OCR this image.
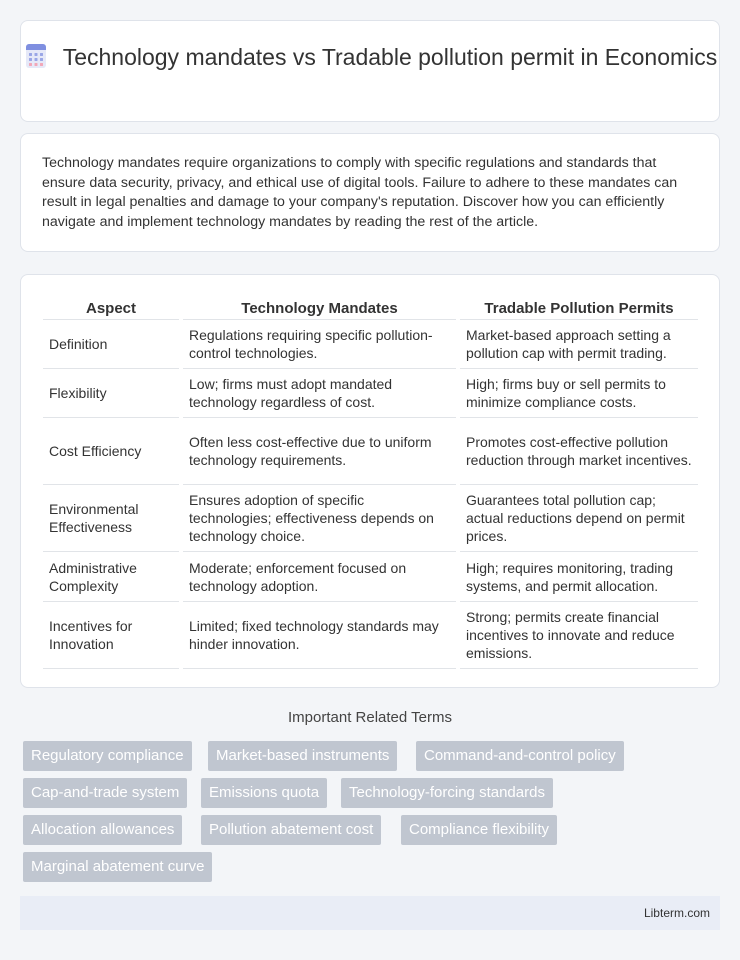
Technology mandates vs Tradable pollution permit in Economics

Technology mandates require organizations to comply with specific regulations and standards that ensure data security, privacy, and ethical use of digital tools. Failure to adhere to these mandates can result in legal penalties and damage to your company's reputation. Discover how you can efficiently navigate and implement technology mandates by reading the rest of the article.

Aspect		Technology Mandates		Tradable Pollution Permits
Definition		Regulations requiring specific pollution-control technologies.		Market-based approach setting a pollution cap with permit trading.
Flexibility		Low; firms must adopt mandated technology regardless of cost.		High; firms buy or sell permits to minimize compliance costs.
Cost Efficiency		Often less cost-effective due to uniform technology requirements.		Promotes cost-effective pollution reduction through market incentives.
Environmental Effectiveness		Ensures adoption of specific technologies; effectiveness depends on technology choice.		Guarantees total pollution cap; actual reductions depend on permit prices.
Administrative Complexity		Moderate; enforcement focused on technology adoption.		High; requires monitoring, trading systems, and permit allocation.
Incentives for Innovation		Limited; fixed technology standards may hinder innovation.		Strong; permits create financial incentives to innovate and reduce emissions.
Important Related Terms
Regulatory compliance	Market-based instruments	Command-and-control policy
Cap-and-trade system	Emissions quota	Technology-forcing standards
Allocation allowances	Pollution abatement cost	Compliance flexibility
Marginal abatement curve
Libterm.com
